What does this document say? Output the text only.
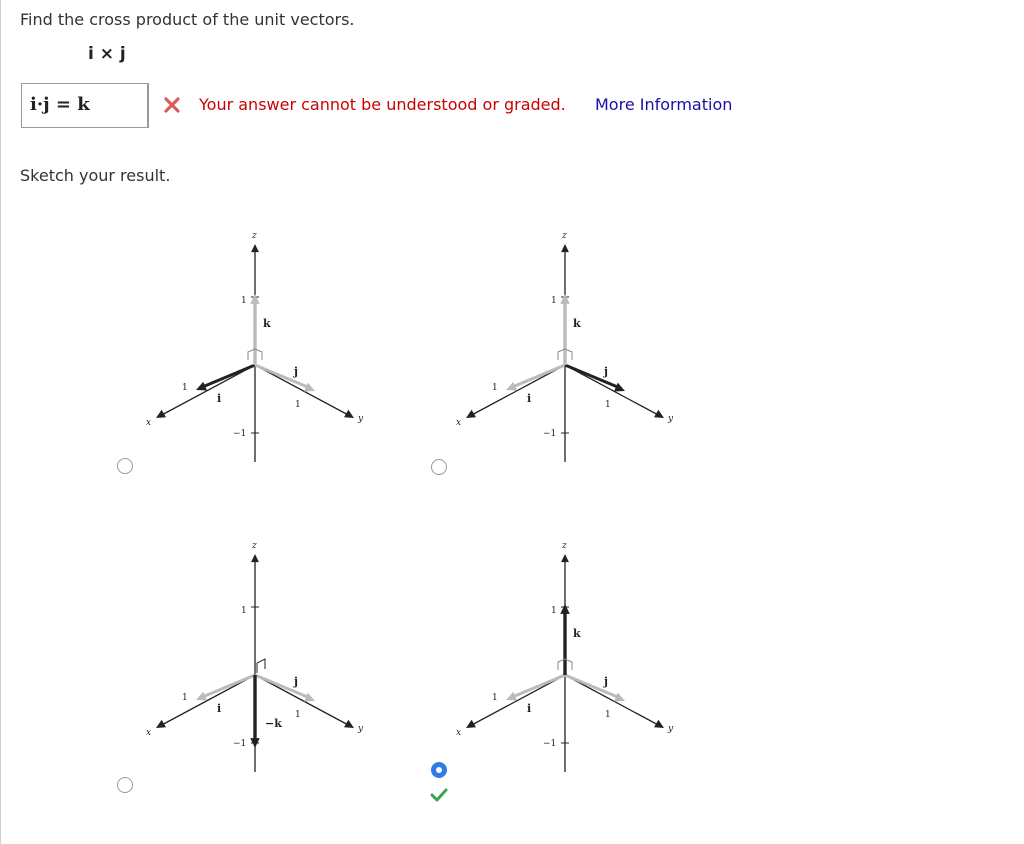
Find the cross product of the unit vectors.
i × j
i·j = k	Your answer cannot be understood or graded. More Information
Sketch your result.
z
x	y
1
−1
1
1
i
j
k
z
x	y
1
−1
1
1
i
j
k
z
x	y
1
−1
1
1
i
j
−k
z
x	y
1
−1
1
1
i
j
k
